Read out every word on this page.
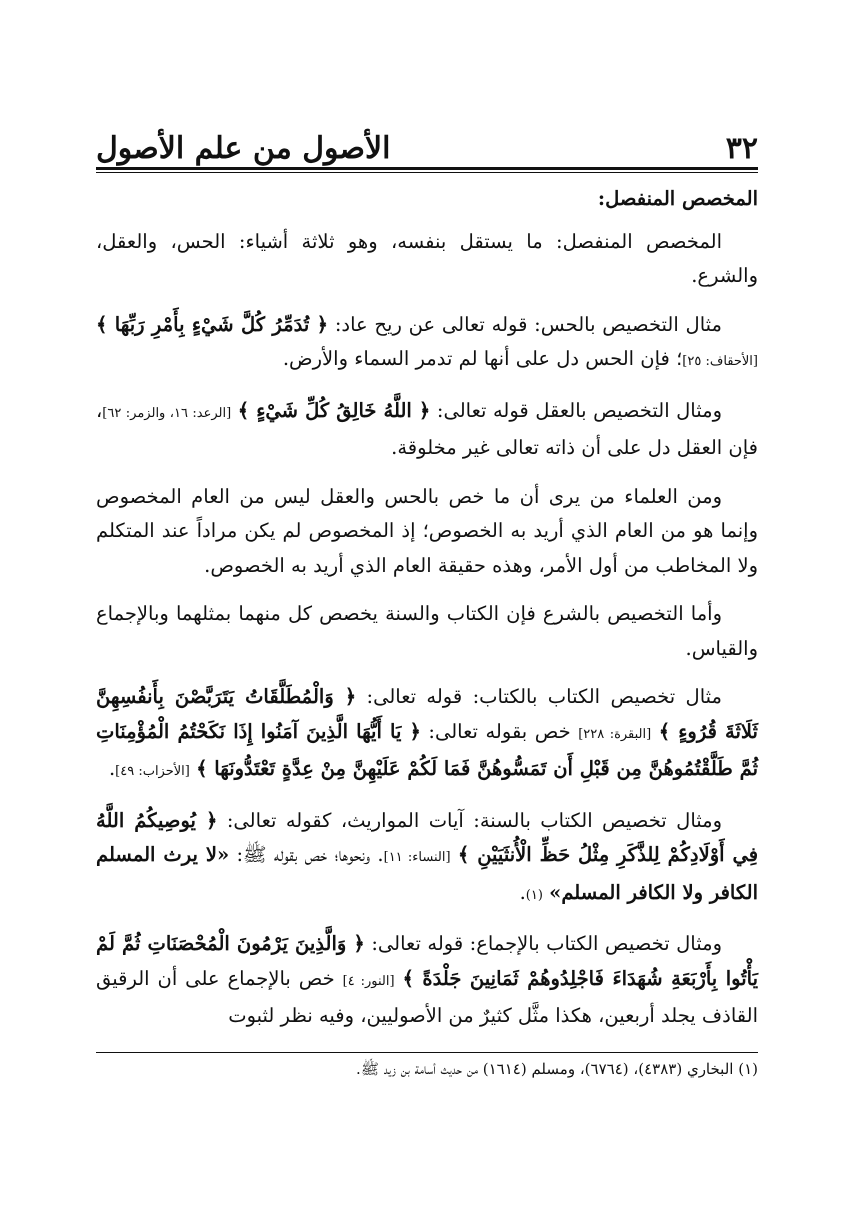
٣٢
الأصول من علم الأصول
المخصص المنفصل:

المخصص المنفصل: ما يستقل بنفسه، وهو ثلاثة أشياء: الحس، والعقل، والشرع.

مثال التخصيص بالحس: قوله تعالى عن ريح عاد: ﴿ تُدَمِّرُ كُلَّ شَيْءٍ بِأَمْرِ رَبِّهَا ﴾ [الأحقاف: ٢٥]؛ فإن الحس دل على أنها لم تدمر السماء والأرض.

ومثال التخصيص بالعقل قوله تعالى: ﴿ اللَّهُ خَالِقُ كُلِّ شَيْءٍ ﴾ [الرعد: ١٦، والزمر: ٦٢]، فإن العقل دل على أن ذاته تعالى غير مخلوقة.

ومن العلماء من يرى أن ما خص بالحس والعقل ليس من العام المخصوص وإنما هو من العام الذي أريد به الخصوص؛ إذ المخصوص لم يكن مراداً عند المتكلم ولا المخاطب من أول الأمر، وهذه حقيقة العام الذي أريد به الخصوص.

وأما التخصيص بالشرع فإن الكتاب والسنة يخصص كل منهما بمثلهما وبالإجماع والقياس.

مثال تخصيص الكتاب بالكتاب: قوله تعالى: ﴿ وَالْمُطَلَّقَاتُ يَتَرَبَّصْنَ بِأَنفُسِهِنَّ ثَلَاثَةَ قُرُوءٍ ﴾ [البقرة: ٢٢٨] خص بقوله تعالى: ﴿ يَا أَيُّهَا الَّذِينَ آمَنُوا إِذَا نَكَحْتُمُ الْمُؤْمِنَاتِ ثُمَّ طَلَّقْتُمُوهُنَّ مِن قَبْلِ أَن تَمَسُّوهُنَّ فَمَا لَكُمْ عَلَيْهِنَّ مِنْ عِدَّةٍ تَعْتَدُّونَهَا ﴾ [الأحزاب: ٤٩].

ومثال تخصيص الكتاب بالسنة: آيات المواريث، كقوله تعالى: ﴿ يُوصِيكُمُ اللَّهُ فِي أَوْلَادِكُمْ لِلذَّكَرِ مِثْلُ حَظِّ الْأُنثَيَيْنِ ﴾ [النساء: ١١]. ونحوها؛ خص بقوله ﷺ: «لا يرث المسلم الكافر ولا الكافر المسلم» (١).

ومثال تخصيص الكتاب بالإجماع: قوله تعالى: ﴿ وَالَّذِينَ يَرْمُونَ الْمُحْصَنَاتِ ثُمَّ لَمْ يَأْتُوا بِأَرْبَعَةِ شُهَدَاءَ فَاجْلِدُوهُمْ ثَمَانِينَ جَلْدَةً ﴾ [النور: ٤] خص بالإجماع على أن الرقيق القاذف يجلد أربعين، هكذا مثَّل كثيرٌ من الأصوليين، وفيه نظر لثبوت

(١) البخاري (٤٣٨٣)، (٦٧٦٤)، ومسلم (١٦١٤) من حديث أسامة بن زيد ﷺ.
